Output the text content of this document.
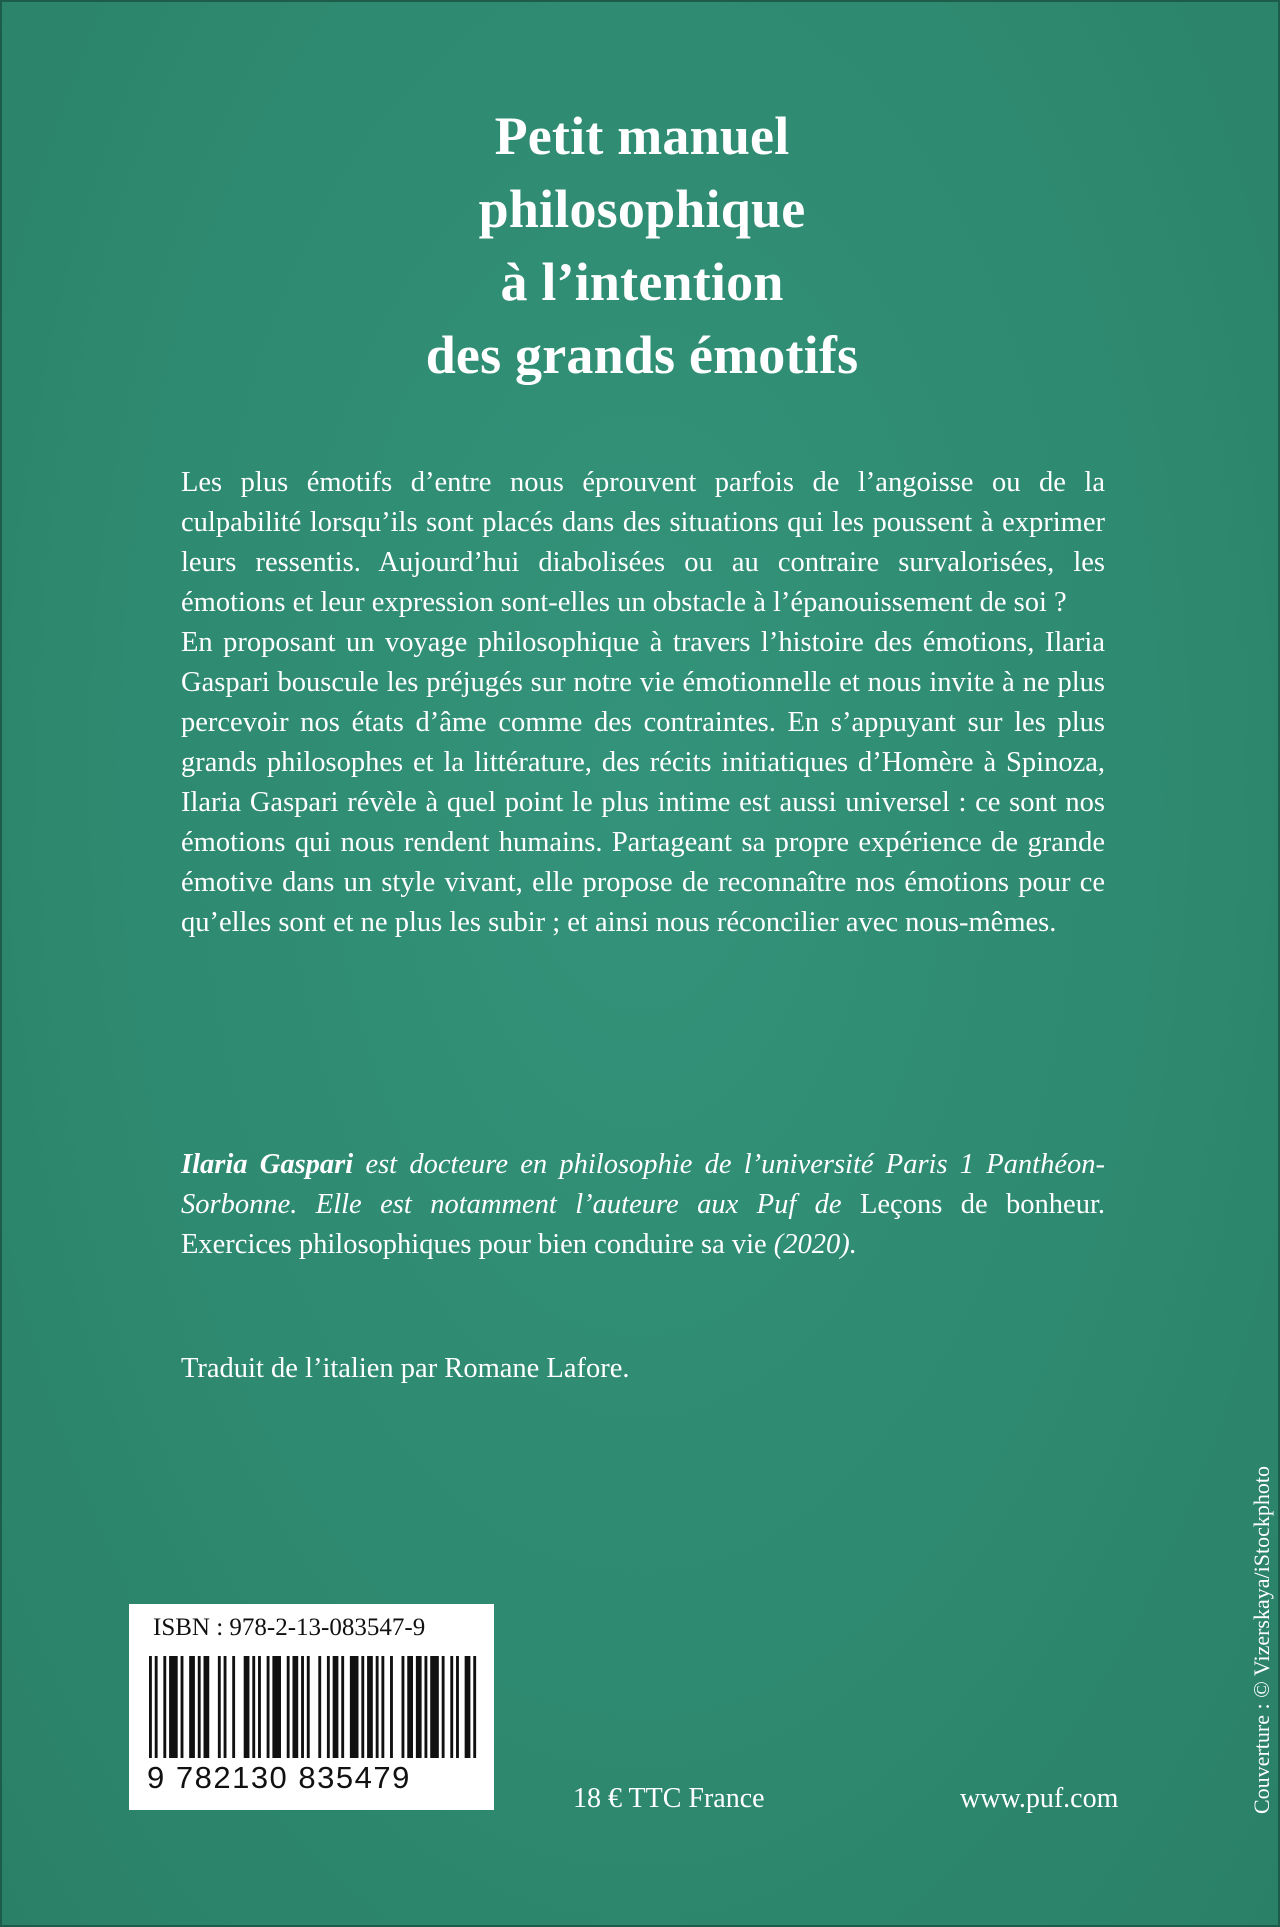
Petit manuel
philosophique
à l’intention
des grands émotifs

Les plus émotifs d’entre nous éprouvent parfois de l’angoisse ou de la culpabilité lorsqu’ils sont placés dans des situations qui les poussent à exprimer leurs ressentis. Aujourd’hui diabolisées ou au contraire survalorisées, les émotions et leur expression sont-elles un obstacle à l’épanouissement de soi ?

En proposant un voyage philosophique à travers l’histoire des émotions, Ilaria Gaspari bouscule les préjugés sur notre vie émotionnelle et nous invite à ne plus percevoir nos états d’âme comme des contraintes. En s’appuyant sur les plus grands philosophes et la littérature, des récits initiatiques d’Homère à Spinoza, Ilaria Gaspari révèle à quel point le plus intime est aussi universel : ce sont nos émotions qui nous rendent humains. Partageant sa propre expérience de grande émotive dans un style vivant, elle propose de reconnaître nos émotions pour ce qu’elles sont et ne plus les subir ; et ainsi nous réconcilier avec nous-mêmes.

Ilaria Gaspari est docteure en philosophie de l’université Paris 1 Panthéon-Sorbonne. Elle est notamment l’auteure aux Puf de Leçons de bonheur. Exercices philosophiques pour bien conduire sa vie (2020).

Traduit de l’italien par Romane Lafore.
ISBN : 978-2-13-083547-9
9 782130 835479
18 € TTC France	www.puf.com	Couverture : © Vizerskaya/iStockphoto
